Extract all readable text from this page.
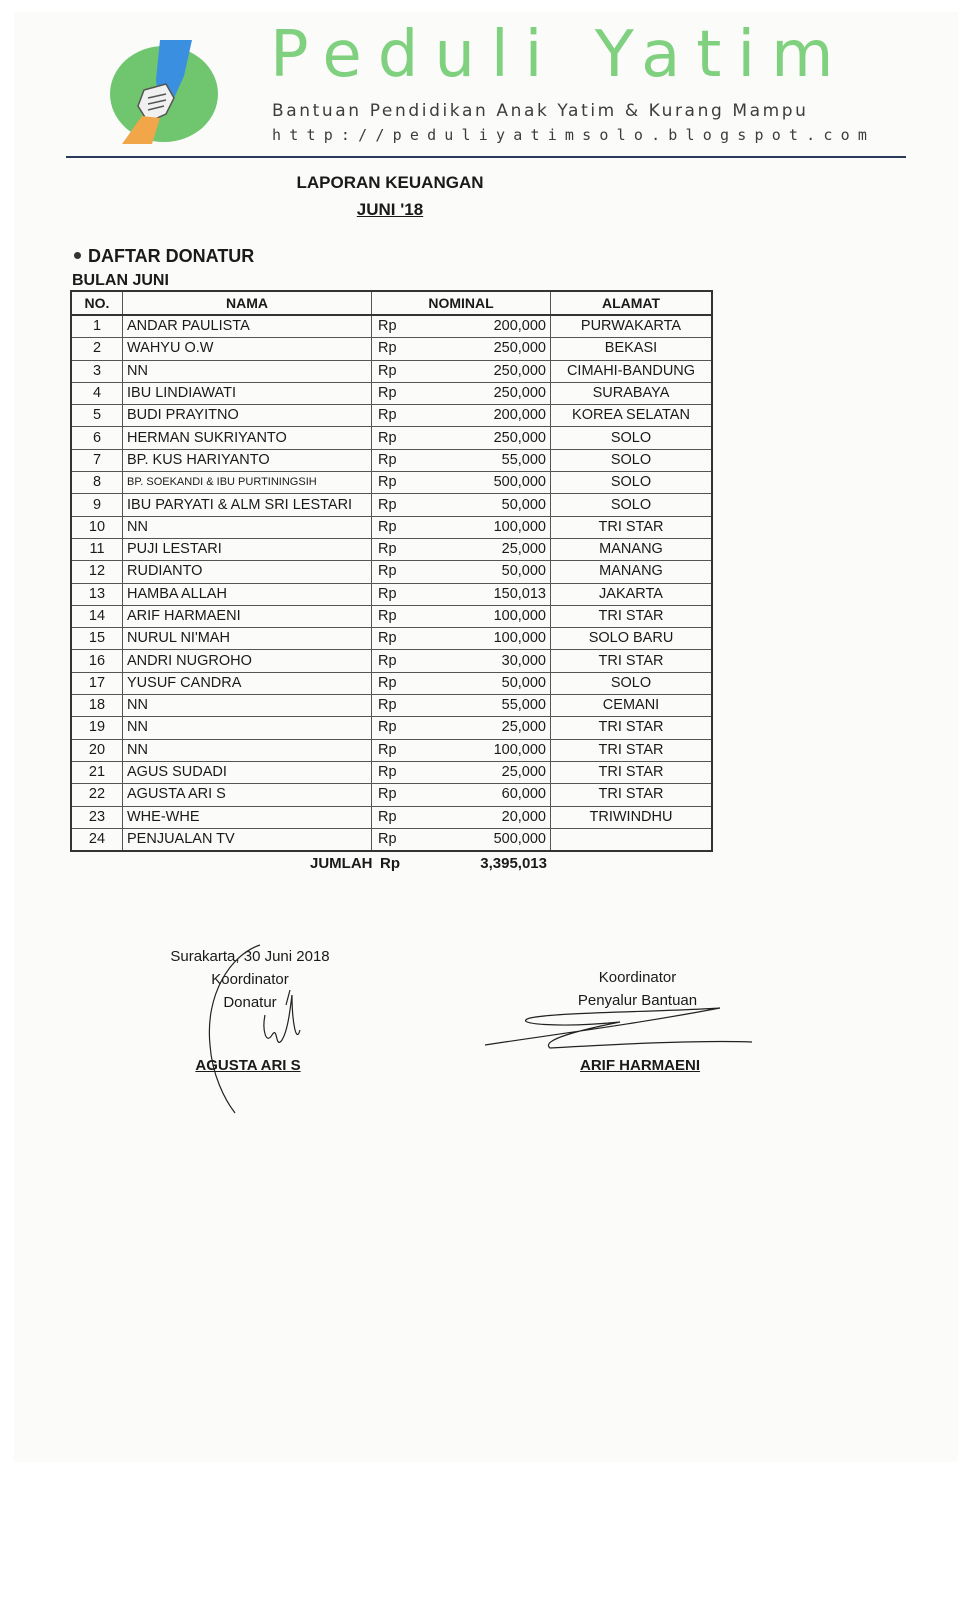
Peduli Yatim
Bantuan Pendidikan Anak Yatim & Kurang Mampu
http://peduliyatimsolo.blogspot.com
LAPORAN KEUANGAN
JUNI '18
DAFTAR DONATUR
BULAN JUNI
NO.	NAMA	NOMINAL		ALAMAT
1	ANDAR PAULISTA	Rp	200,000	PURWAKARTA
2	WAHYU O.W	Rp	250,000	BEKASI
3	NN	Rp	250,000	CIMAHI-BANDUNG
4	IBU LINDIAWATI	Rp	250,000	SURABAYA
5	BUDI PRAYITNO	Rp	200,000	KOREA SELATAN
6	HERMAN SUKRIYANTO	Rp	250,000	SOLO
7	BP. KUS HARIYANTO	Rp	55,000	SOLO
8	BP. SOEKANDI & IBU PURTININGSIH	Rp	500,000	SOLO
9	IBU PARYATI & ALM SRI LESTARI	Rp	50,000	SOLO
10	NN	Rp	100,000	TRI STAR
11	PUJI LESTARI	Rp	25,000	MANANG
12	RUDIANTO	Rp	50,000	MANANG
13	HAMBA ALLAH	Rp	150,013	JAKARTA
14	ARIF HARMAENI	Rp	100,000	TRI STAR
15	NURUL NI'MAH	Rp	100,000	SOLO BARU
16	ANDRI NUGROHO	Rp	30,000	TRI STAR
17	YUSUF CANDRA	Rp	50,000	SOLO
18	NN	Rp	55,000	CEMANI
19	NN	Rp	25,000	TRI STAR
20	NN	Rp	100,000	TRI STAR
21	AGUS SUDADI	Rp	25,000	TRI STAR
22	AGUSTA ARI S	Rp	60,000	TRI STAR
23	WHE-WHE	Rp	20,000	TRIWINDHU
24	PENJUALAN TV	Rp	500,000	
JUMLAH Rp	3,395,013
Surakarta, 30 Juni 2018
Koordinator
Donatur
AGUSTA ARI S
Koordinator
Penyalur Bantuan
ARIF HARMAENI
